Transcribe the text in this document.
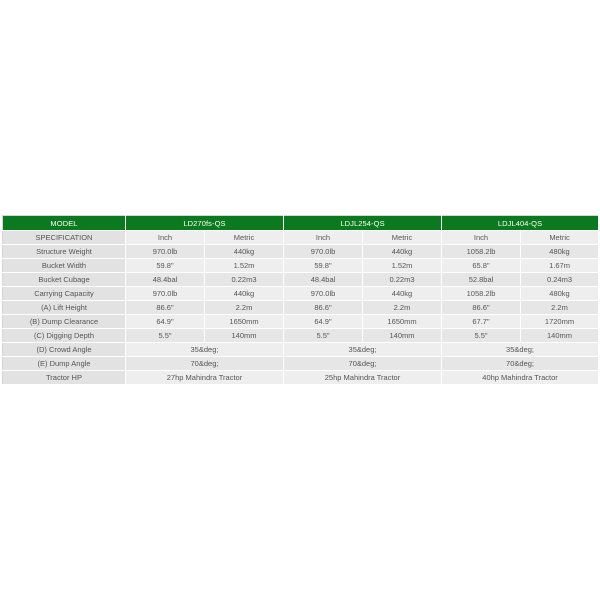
MODEL	LD270fs-QS		LDJL254-QS		LDJL404-QS	
SPECIFICATION	Inch	Metric	Inch	Metric	Inch	Metric
Structure Weight	970.0lb	440kg	970.0lb	440kg	1058.2lb	480kg
Bucket Width	59.8"	1.52m	59.8"	1.52m	65.8"	1.67m
Bucket Cubage	48.4bal	0.22m3	48.4bal	0.22m3	52.8bal	0.24m3
Carrying Capacity	970.0lb	440kg	970.0lb	440kg	1058.2lb	480kg
(A) Lift Height	86.6"	2.2m	86.6"	2.2m	86.6"	2.2m
(B) Dump Clearance	64.9"	1650mm	64.9"	1650mm	67.7"	1720mm
(C) Digging Depth	5.5"	140mm	5.5"	140mm	5.5"	140mm
(D) Crowd Angle	35&deg;		35&deg;		35&deg;	
(E) Dump Angle	70&deg;		70&deg;		70&deg;	
Tractor HP	27hp Mahindra Tractor		25hp Mahindra Tractor		40hp Mahindra Tractor	
